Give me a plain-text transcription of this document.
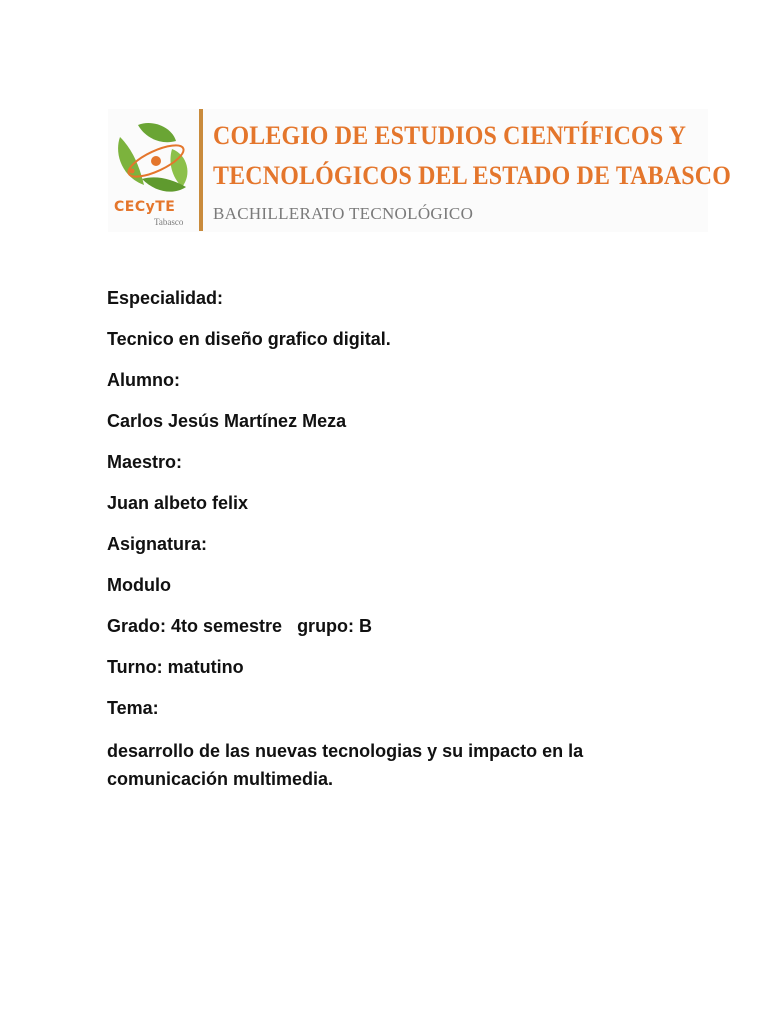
CECyTE
Tabasco
COLEGIO DE ESTUDIOS CIENTÍFICOS Y
TECNOLÓGICOS DEL ESTADO DE TABASCO
BACHILLERATO TECNOLÓGICO
Especialidad:
Tecnico en diseño grafico digital.
Alumno:
Carlos Jesús Martínez Meza
Maestro:
Juan albeto felix
Asignatura:
Modulo
Grado: 4to semestre   grupo: B
Turno: matutino
Tema:
desarrollo de las nuevas tecnologias y su impacto en la comunicación multimedia.
